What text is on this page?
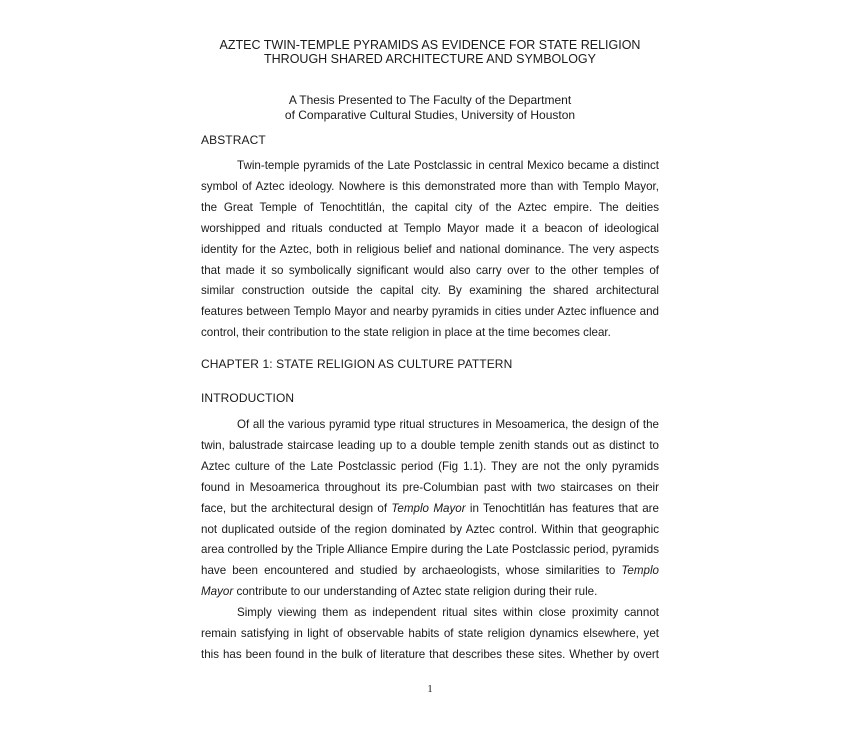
AZTEC TWIN-TEMPLE PYRAMIDS AS EVIDENCE FOR STATE RELIGION
THROUGH SHARED ARCHITECTURE AND SYMBOLOGY
A Thesis Presented to The Faculty of the Department
of Comparative Cultural Studies, University of Houston
ABSTRACT

Twin-temple pyramids of the Late Postclassic in central Mexico became a distinct symbol of Aztec ideology. Nowhere is this demonstrated more than with Templo Mayor, the Great Temple of Tenochtitlán, the capital city of the Aztec empire. The deities worshipped and rituals conducted at Templo Mayor made it a beacon of ideological identity for the Aztec, both in religious belief and national dominance. The very aspects that made it so symbolically significant would also carry over to the other temples of similar construction outside the capital city. By examining the shared architectural features between Templo Mayor and nearby pyramids in cities under Aztec influence and control, their contribution to the state religion in place at the time becomes clear.

CHAPTER 1: STATE RELIGION AS CULTURE PATTERN
INTRODUCTION

Of all the various pyramid type ritual structures in Mesoamerica, the design of the twin, balustrade staircase leading up to a double temple zenith stands out as distinct to Aztec culture of the Late Postclassic period (Fig 1.1). They are not the only pyramids found in Mesoamerica throughout its pre-Columbian past with two staircases on their face, but the architectural design of Templo Mayor in Tenochtitlán has features that are not duplicated outside of the region dominated by Aztec control. Within that geographic area controlled by the Triple Alliance Empire during the Late Postclassic period, pyramids have been encountered and studied by archaeologists, whose similarities to Templo Mayor contribute to our understanding of Aztec state religion during their rule.

Simply viewing them as independent ritual sites within close proximity cannot remain satisfying in light of observable habits of state religion dynamics elsewhere, yet this has been found in the bulk of literature that describes these sites. Whether by overt

1
